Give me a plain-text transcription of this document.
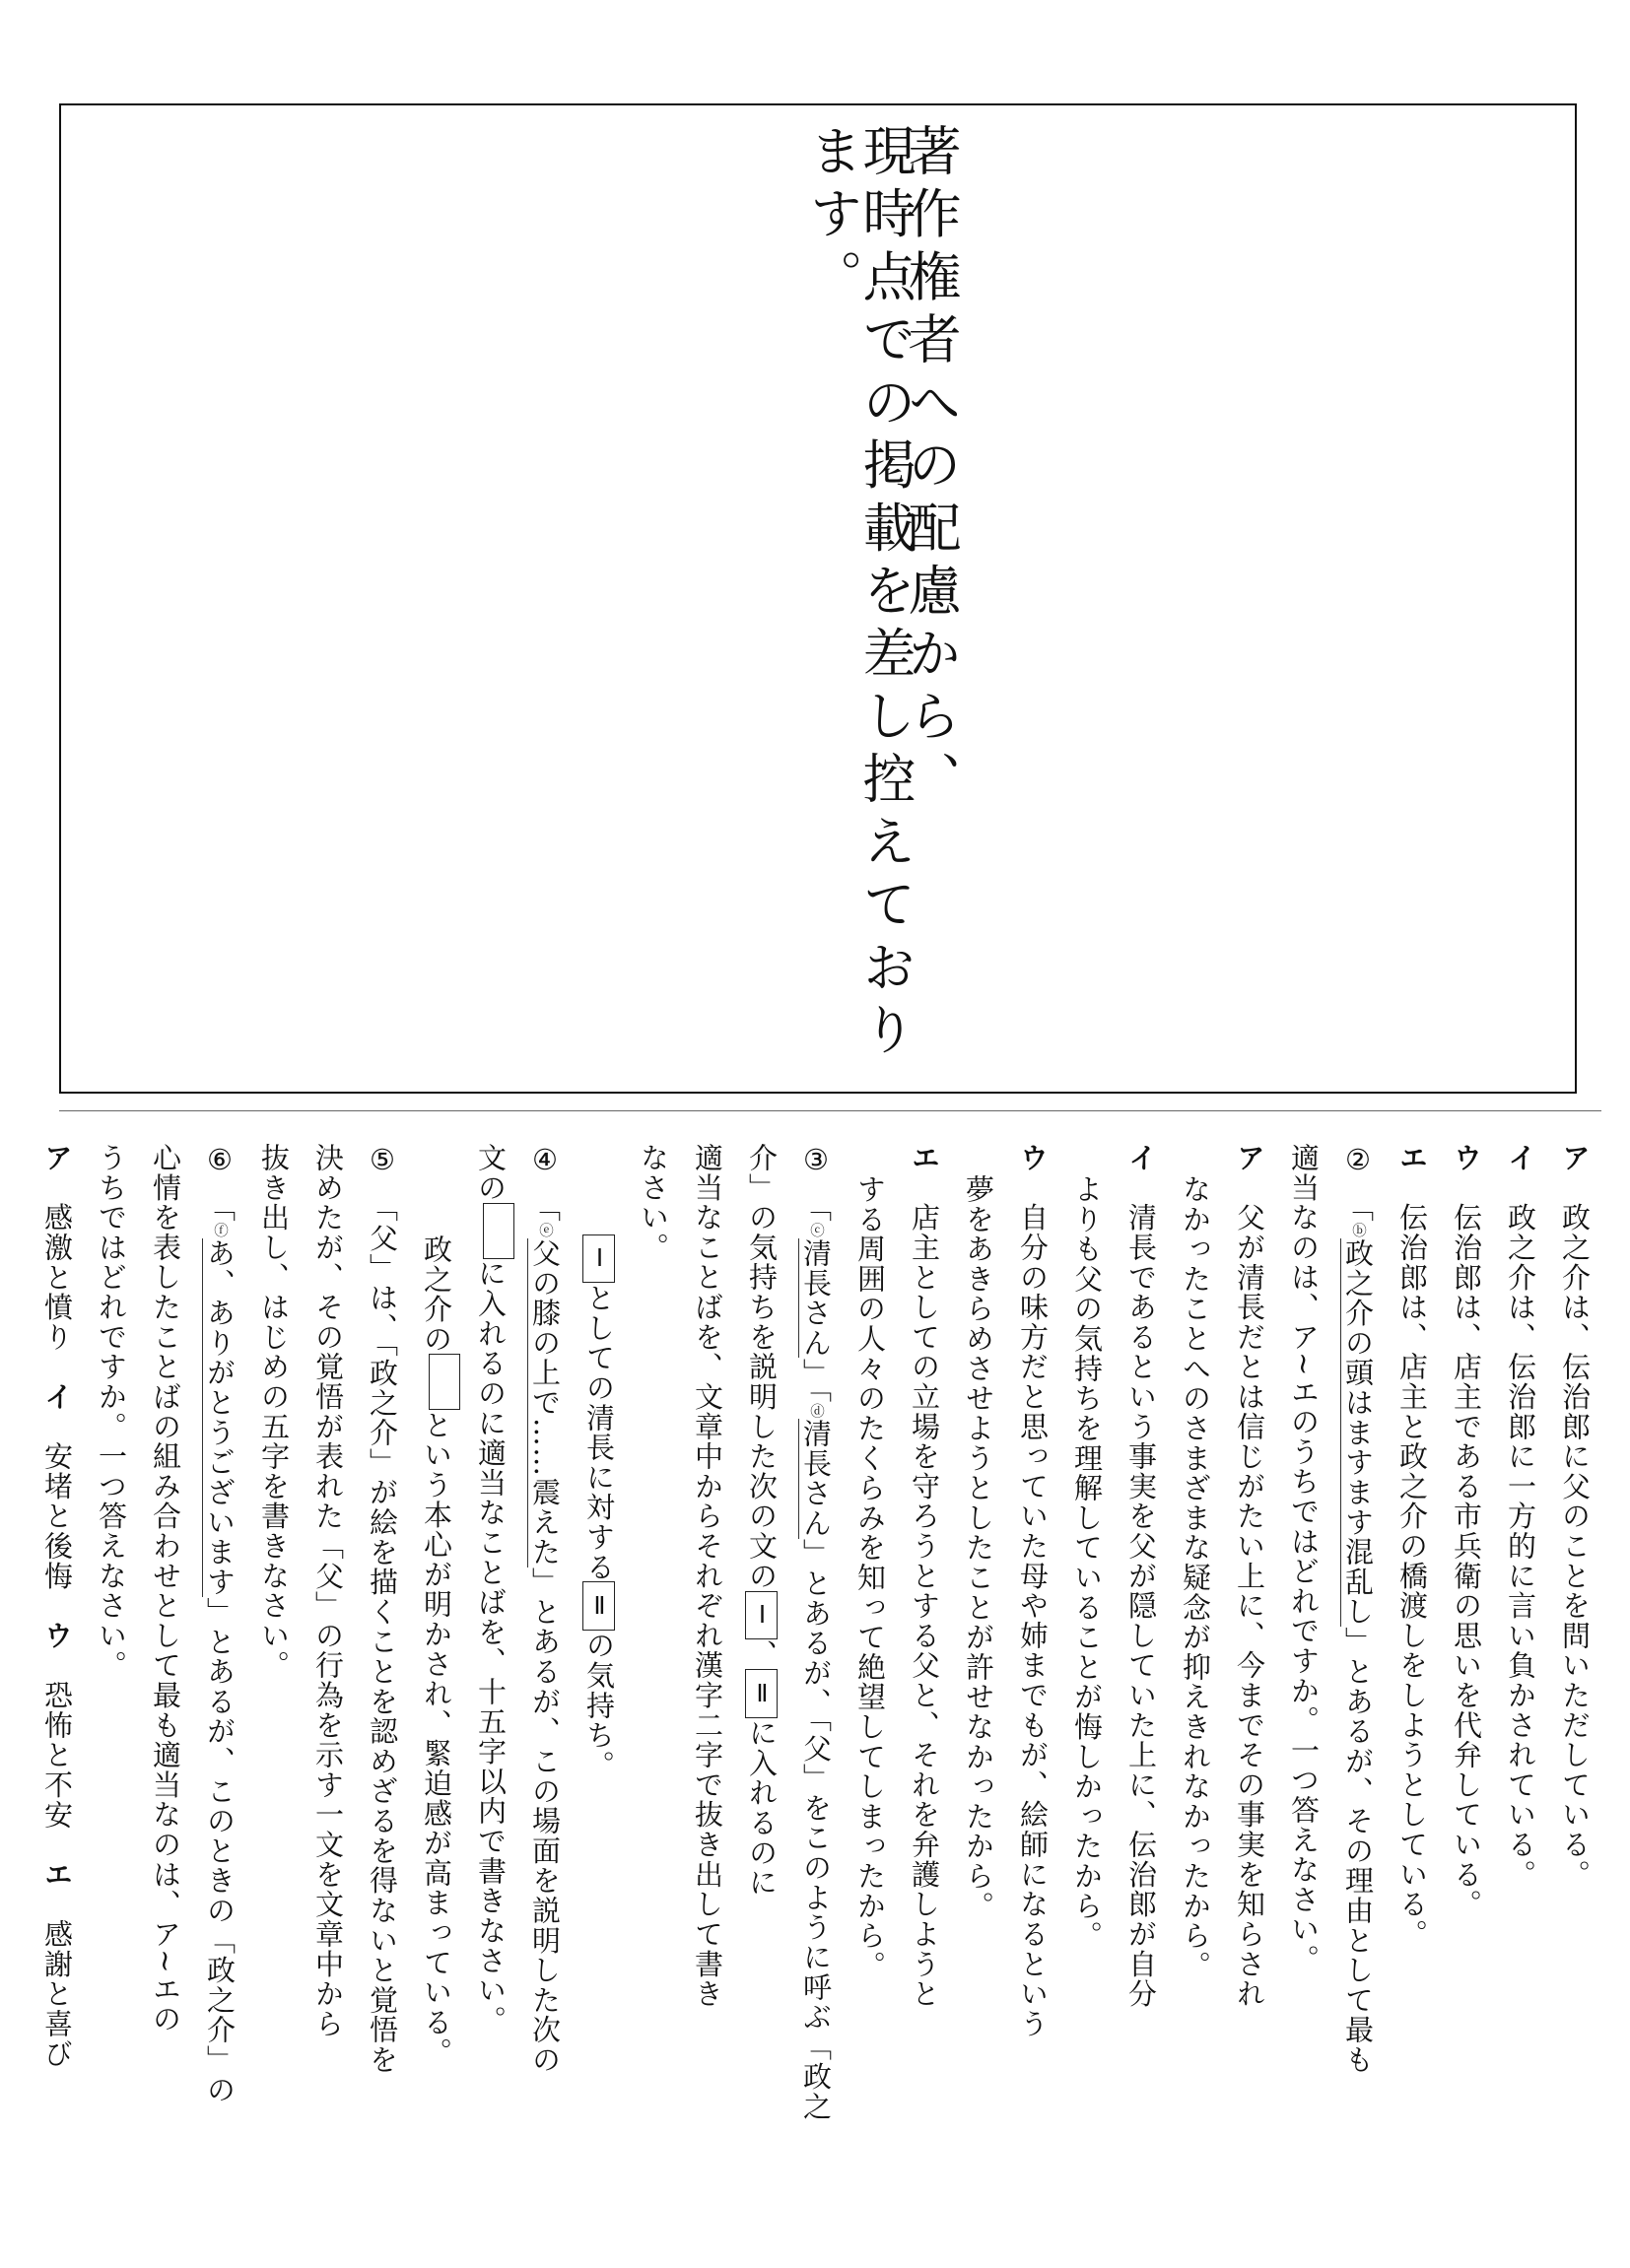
著作権者への配慮から、
現時点での掲載を差し控えております。

ア　政之介は、伝治郎に父のことを問いただしている。

イ　政之介は、伝治郎に一方的に言い負かされている。

ウ　伝治郎は、店主である市兵衛の思いを代弁している。

エ　伝治郎は、店主と政之介の橋渡しをしようとしている。

②　「ⓑ政之介の頭はますます混乱し」とあるが、その理由として最も

適当なのは、ア~エのうちではどれですか。一つ答えなさい。

ア　父が清長だとは信じがたい上に、今までその事実を知らされ

なかったことへのさまざまな疑念が抑えきれなかったから。

イ　清長であるという事実を父が隠していた上に、伝治郎が自分

よりも父の気持ちを理解していることが悔しかったから。

ウ　自分の味方だと思っていた母や姉までもが、絵師になるという

夢をあきらめさせようとしたことが許せなかったから。

エ　店主としての立場を守ろうとする父と、それを弁護しようと

する周囲の人々のたくらみを知って絶望してしまったから。

③　「ⓒ清長さん」「ⓓ清長さん」とあるが、「父」をこのように呼ぶ「政之

介」の気持ちを説明した次の文のⅠ、Ⅱに入れるのに

適当なことばを、文章中からそれぞれ漢字二字で抜き出して書き

なさい。

Ⅰとしての清長に対するⅡの気持ち。

④　「ⓔ父の膝の上で……震えた」とあるが、この場面を説明した次の

文のに入れるのに適当なことばを、十五字以内で書きなさい。

政之介のという本心が明かされ、緊迫感が高まっている。

⑤　「父」は、「政之介」が絵を描くことを認めざるを得ないと覚悟を

決めたが、その覚悟が表れた「父」の行為を示す一文を文章中から

抜き出し、はじめの五字を書きなさい。

⑥　「ⓕあ、ありがとうございます」とあるが、このときの「政之介」の

心情を表したことばの組み合わせとして最も適当なのは、ア~エの

うちではどれですか。一つ答えなさい。

ア　感激と憤り　イ　安堵と後悔　ウ　恐怖と不安　エ　感謝と喜び
